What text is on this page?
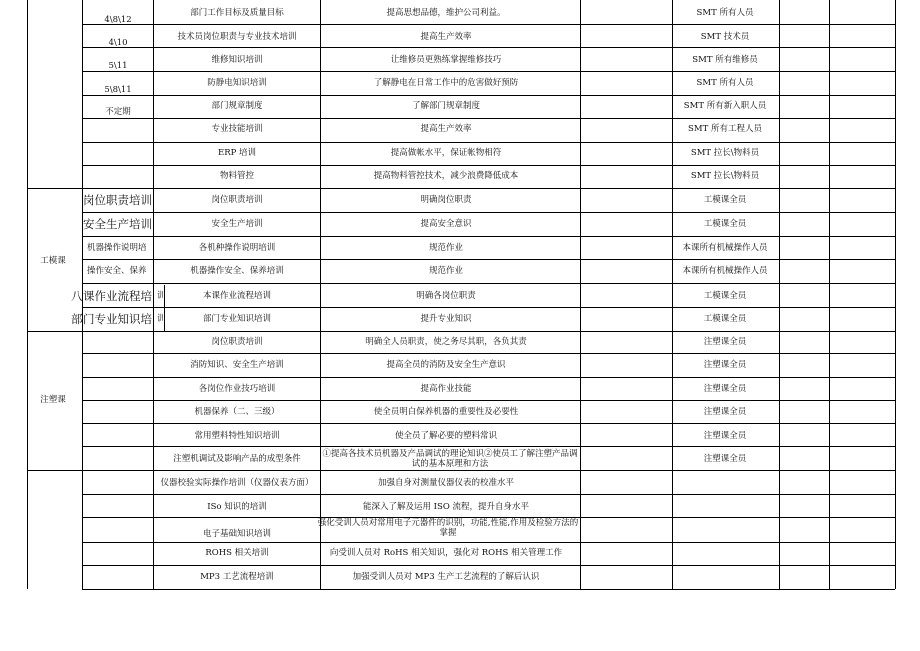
4\8\12
4\10
5\11
5\8\11
不定期
部门工作目标及质量目标
技术员岗位职责与专业技术培训
维修知识培训
防静电知识培训
部门规章制度
专业技能培训
ERP 培训
物料管控
提高思想品德，维护公司利益。
提高生产效率
让维修员更熟练掌握维修技巧
了解静电在日常工作中的危害做好预防
了解部门规章制度
提高生产效率
提高做帐水平，保证帐物相符
提高物料管控技术，减少浪费降低成本
SMT 所有人员
SMT 技术员
SMT 所有维修员
SMT 所有人员
SMT 所有新入职人员
SMT 所有工程人员
SMT 拉长\物料员
SMT 拉长\物料员
工模课
八
部
岗位职责培训
安全生产培训
机器操作说明培
操作安全、保养
课作业流程培
门专业知识培
训
训
岗位职责培训
安全生产培训
各机种操作说明培训
机器操作安全、保养培训
本课作业流程培训
部门专业知识培训
明确岗位职责
提高安全意识
规范作业
规范作业
明确各岗位职责
提升专业知识
工模课全员
工模课全员
本课所有机械操作人员
本课所有机械操作人员
工模课全员
工模课全员
注塑课
岗位职责培训
消防知识、安全生产培训
各岗位作业技巧培训
机器保养（二、三级）
常用塑料特性知识培训
注塑机调试及影响产品的成型条件
明确全人员职责，使之务尽其职，各负其责
提高全员的消防及安全生产意识
提高作业技能
使全员明白保养机器的重要性及必要性
使全员了解必要的塑料常识
①提高各技术员机器及产品调试的理论知识②使员工了解注塑产品调试的基本原理和方法
注塑课全员
注塑课全员
注塑课全员
注塑课全员
注塑课全员
注塑课全员
仪器校验实际操作培训（仪器仪表方面）
ISo 知识的培训
电子基础知识培训
ROHS 相关培训
MP3 工艺流程培训
加强自身对测量仪器仪表的校准水平
能深入了解及运用 ISO 流程，提升自身水平
强化受训人员对常用电子元器件的识别，功能,性能,作用及检验方法的掌握
向受训人员对 RoHS 相关知识，强化对 ROHS 相关管理工作
加强受训人员对 MP3 生产工艺流程的了解后认识
